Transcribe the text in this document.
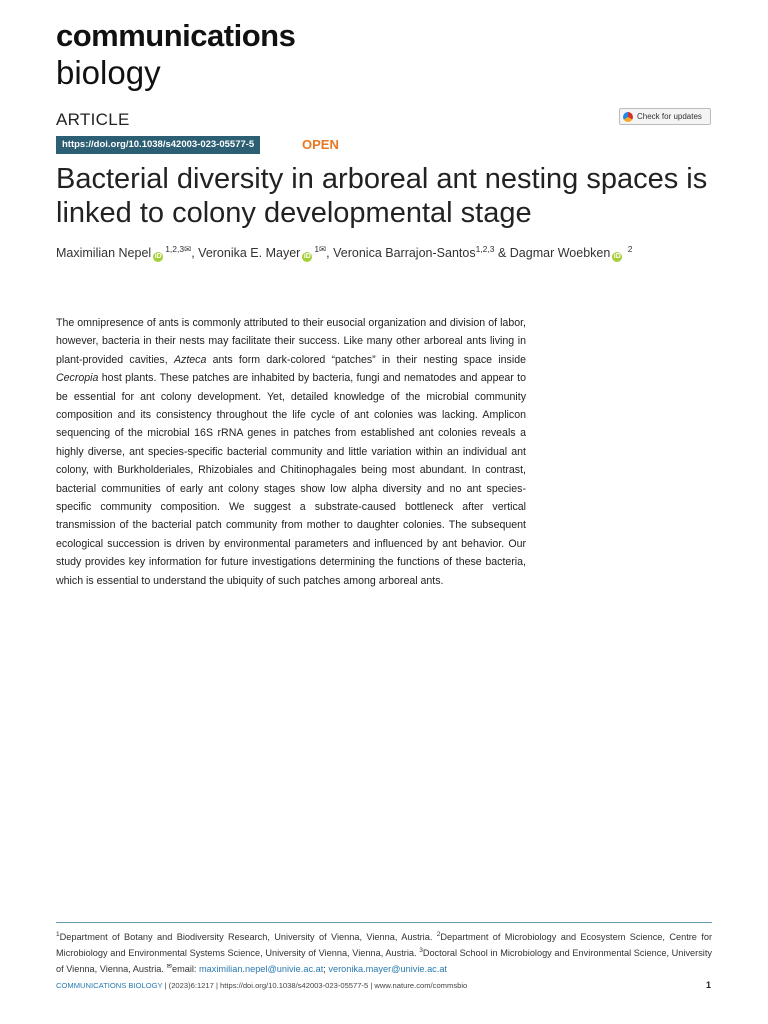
communications
biology
ARTICLE	Check for updates
https://doi.org/10.1038/s42003-023-05577-5	OPEN
Bacterial diversity in arboreal ant nesting spaces is linked to colony developmental stage
Maximilian Nepel $iD^{1,2,3✉}$, Veronika E. Mayer $iD^{1✉}$, Veronica Barrajon-Santos$^{1,2,3}$ & Dagmar Woebken iD $^2$

The omnipresence of ants is commonly attributed to their eusocial organization and division of labor, however, bacteria in their nests may facilitate their success. Like many other arboreal ants living in plant-provided cavities, Azteca ants form dark-colored “patches” in their nesting space inside Cecropia host plants. These patches are inhabited by bacteria, fungi and nematodes and appear to be essential for ant colony development. Yet, detailed knowledge of the microbial community composition and its consistency throughout the life cycle of ant colonies was lacking. Amplicon sequencing of the microbial 16S rRNA genes in patches from established ant colonies reveals a highly diverse, ant species-specific bacterial community and little variation within an individual ant colony, with Burkholderiales, Rhizobiales and Chitinophagales being most abundant. In contrast, bacterial communities of early ant colony stages show low alpha diversity and no ant species-specific community composition. We suggest a substrate-caused bottleneck after vertical transmission of the bacterial patch community from mother to daughter colonies. The subsequent ecological succession is driven by environmental parameters and influenced by ant behavior. Our study provides key information for future investigations determining the functions of these bacteria, which is essential to understand the ubiquity of such patches among arboreal ants.

$^1$Department of Botany and Biodiversity Research, University of Vienna, Vienna, Austria. $^2$Department of Microbiology and Ecosystem Science, Centre for Microbiology and Environmental Systems Science, University of Vienna, Vienna, Austria. $^3$Doctoral School in Microbiology and Environmental Science, University of Vienna, Vienna, Austria. ✉email: maximilian.nepel@univie.ac.at; veronika.mayer@univie.ac.at

COMMUNICATIONS BIOLOGY | (2023)6:1217 | https://doi.org/10.1038/s42003-023-05577-5 | www.nature.com/commsbio	1
